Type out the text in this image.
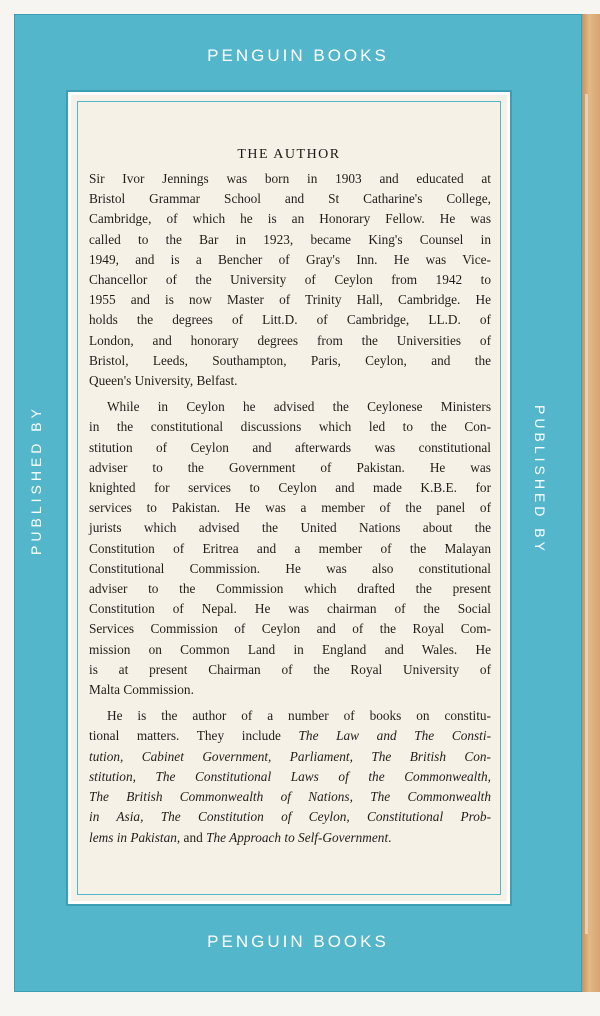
PENGUIN BOOKS
PUBLISHED BY	PUBLISHED BY
THE AUTHOR

Sir Ivor Jennings was born in 1903 and educated at
Bristol Grammar School and St Catharine's College,
Cambridge, of which he is an Honorary Fellow. He was
called to the Bar in 1923, became King's Counsel in
1949, and is a Bencher of Gray's Inn. He was Vice-
Chancellor of the University of Ceylon from 1942 to
1955 and is now Master of Trinity Hall, Cambridge. He
holds the degrees of Litt.D. of Cambridge, LL.D. of
London, and honorary degrees from the Universities of
Bristol, Leeds, Southampton, Paris, Ceylon, and the
Queen's University, Belfast.

While in Ceylon he advised the Ceylonese Ministers
in the constitutional discussions which led to the Con-
stitution of Ceylon and afterwards was constitutional
adviser to the Government of Pakistan. He was
knighted for services to Ceylon and made K.B.E. for
services to Pakistan. He was a member of the panel of
jurists which advised the United Nations about the
Constitution of Eritrea and a member of the Malayan
Constitutional Commission. He was also constitutional
adviser to the Commission which drafted the present
Constitution of Nepal. He was chairman of the Social
Services Commission of Ceylon and of the Royal Com-
mission on Common Land in England and Wales. He
is at present Chairman of the Royal University of
Malta Commission.

He is the author of a number of books on constitu-
tional matters. They include The Law and The Consti-
tution, Cabinet Government, Parliament, The British Con-
stitution, The Constitutional Laws of the Commonwealth,
The British Commonwealth of Nations, The Commonwealth
in Asia, The Constitution of Ceylon, Constitutional Prob-
lems in Pakistan, and The Approach to Self-Government.

PENGUIN BOOKS
